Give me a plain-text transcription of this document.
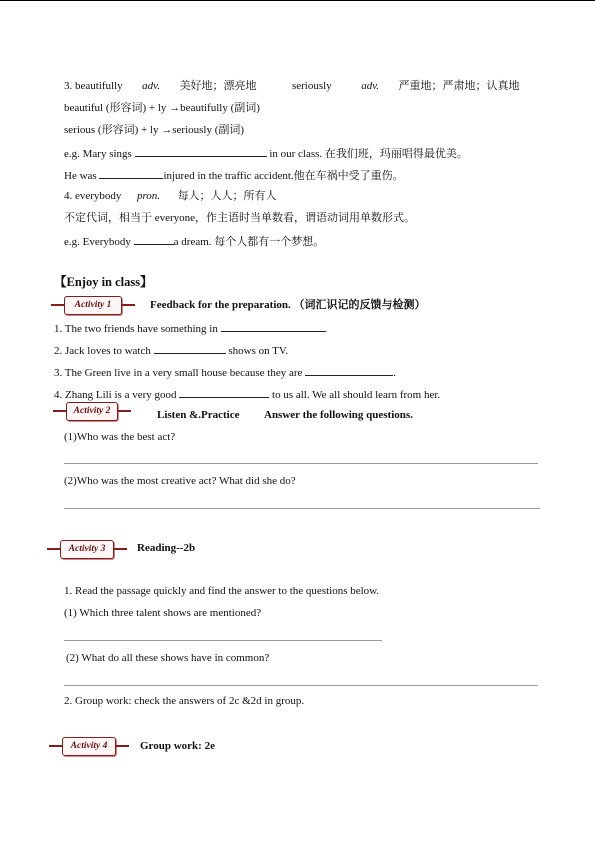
3. beautifully adv. 美好地；漂亮地	seriously	adv. 严重地；严肃地；认真地
beautiful (形容词) + ly →beautifully (副词)
serious (形容词) + ly →seriously (副词)
e.g. Mary sings	in our class. 在我们班，玛丽唱得最优美。
He was	injured in the traffic accident.他在车祸中受了重伤。
4. everybody pron. 每人；人人；所有人
不定代词，相当于 everyone，作主语时当单数看，谓语动词用单数形式。
e.g. Everybody	a dream. 每个人都有一个梦想。
【Enjoy in class】
Activity 1	Feedback for the preparation. （词汇识记的反馈与检测）
1. The two friends have something in	.
2. Jack loves to watch	shows on TV.
3. The Green live in a very small house because they are	.
4. Zhang Lili is a very good	to us all. We all should learn from her.
Activity 2	Listen &.Practice Answer the following questions.
(1)Who was the best act?
(2)Who was the most creative act? What did she do?
Activity 3	Reading--2b
1. Read the passage quickly and find the answer to the questions below.
(1) Which three talent shows are mentioned?
(2) What do all these shows have in common?
2. Group work: check the answers of 2c &2d in group.
Activity 4	Group work: 2e
